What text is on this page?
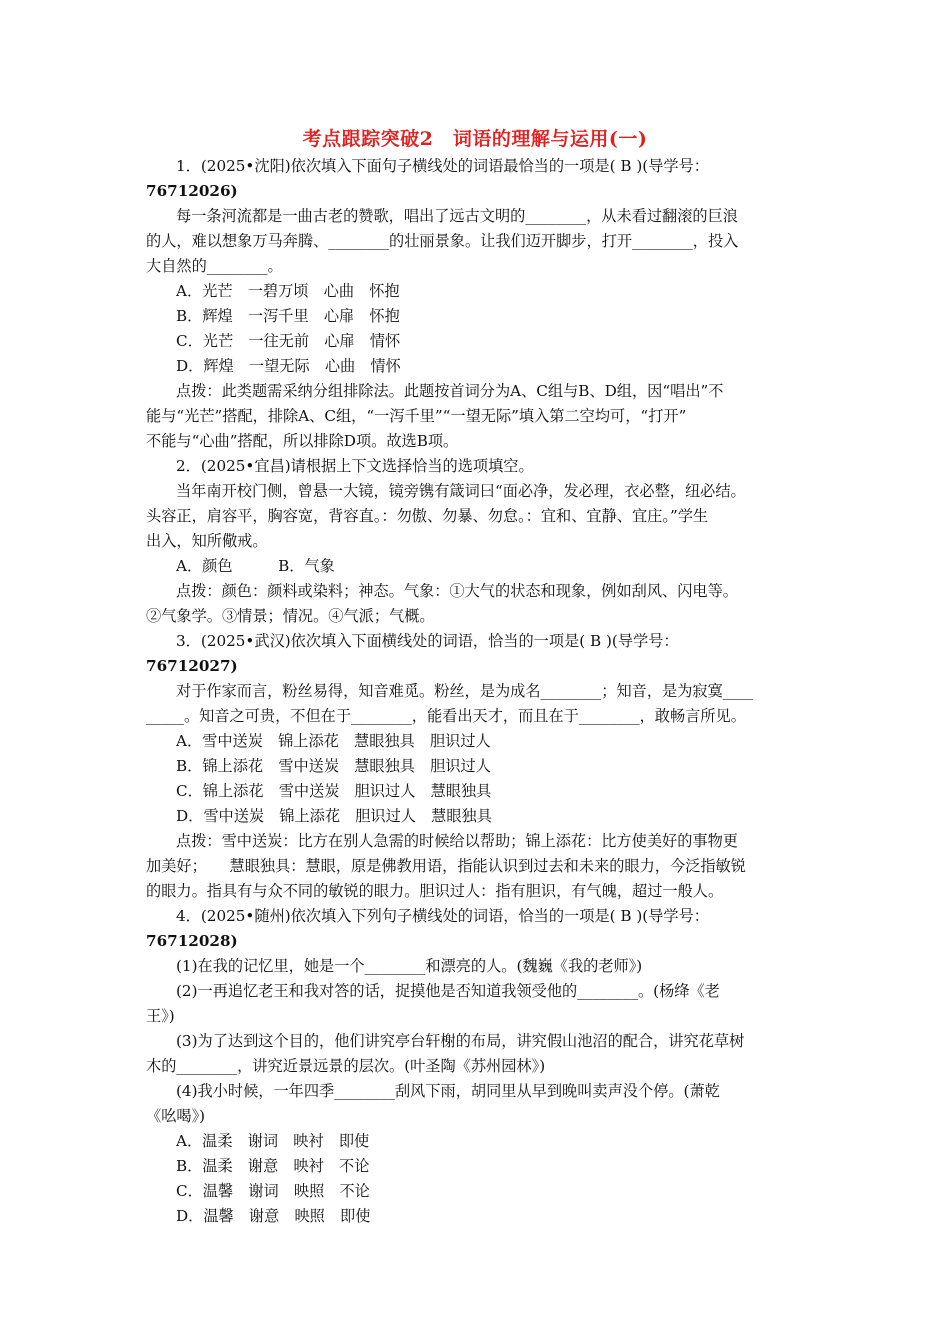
考点跟踪突破2　词语的理解与运用(一)
1．(2025•沈阳)依次填入下面句子横线处的词语最恰当的一项是( B )(导学号：
76712026)
每一条河流都是一曲古老的赞歌，唱出了远古文明的________，从未看过翻滚的巨浪
的人，难以想象万马奔腾、________的壮丽景象。让我们迈开脚步，打开________，投入
大自然的________。
A．光芒　一碧万顷　心曲　怀抱
B．辉煌　一泻千里　心扉　怀抱
C．光芒　一往无前　心扉　情怀
D．辉煌　一望无际　心曲　情怀
点拨：此类题需采纳分组排除法。此题按首词分为A、C组与B、D组，因“唱出”不
能与“光芒”搭配，排除A、C组，“一泻千里”“一望无际”填入第二空均可，“打开”
不能与“心曲”搭配，所以排除D项。故选B项。
2．(2025•宜昌)请根据上下文选择恰当的选项填空。
当年南开校门侧，曾悬一大镜，镜旁镌有箴词曰“面必净，发必理，衣必整，纽必结。
头容正，肩容平，胸容宽，背容直。：勿傲、勿暴、勿怠。：宜和、宜静、宜庄。”学生
出入，知所儆戒。
A．颜色　　　B．气象
点拨：颜色：颜料或染料；神态。气象：①大气的状态和现象，例如刮风、闪电等。
②气象学。③情景；情况。④气派；气概。
3．(2025•武汉)依次填入下面横线处的词语，恰当的一项是( B )(导学号：
76712027)
对于作家而言，粉丝易得，知音难觅。粉丝，是为成名________；知音，是为寂寞____
_____。知音之可贵，不但在于________，能看出天才，而且在于________，敢畅言所见。
A．雪中送炭　锦上添花　慧眼独具　胆识过人
B．锦上添花　雪中送炭　慧眼独具　胆识过人
C．锦上添花　雪中送炭　胆识过人　慧眼独具
D．雪中送炭　锦上添花　胆识过人　慧眼独具
点拨：雪中送炭：比方在别人急需的时候给以帮助；锦上添花：比方使美好的事物更
加美好；　　慧眼独具：慧眼，原是佛教用语，指能认识到过去和未来的眼力，今泛指敏锐
的眼力。指具有与众不同的敏锐的眼力。胆识过人：指有胆识，有气魄，超过一般人。
4．(2025•随州)依次填入下列句子横线处的词语，恰当的一项是( B )(导学号：
76712028)
(1)在我的记忆里，她是一个________和漂亮的人。(魏巍《我的老师》)
(2)一再追忆老王和我对答的话，捉摸他是否知道我领受他的________。(杨绛《老
王》)
(3)为了达到这个目的，他们讲究亭台轩榭的布局，讲究假山池沼的配合，讲究花草树
木的________，讲究近景远景的层次。(叶圣陶《苏州园林》)
(4)我小时候，一年四季________刮风下雨，胡同里从早到晚叫卖声没个停。(萧乾
《吆喝》)
A．温柔　谢词　映衬　即使
B．温柔　谢意　映衬　不论
C．温馨　谢词　映照　不论
D．温馨　谢意　映照　即使
